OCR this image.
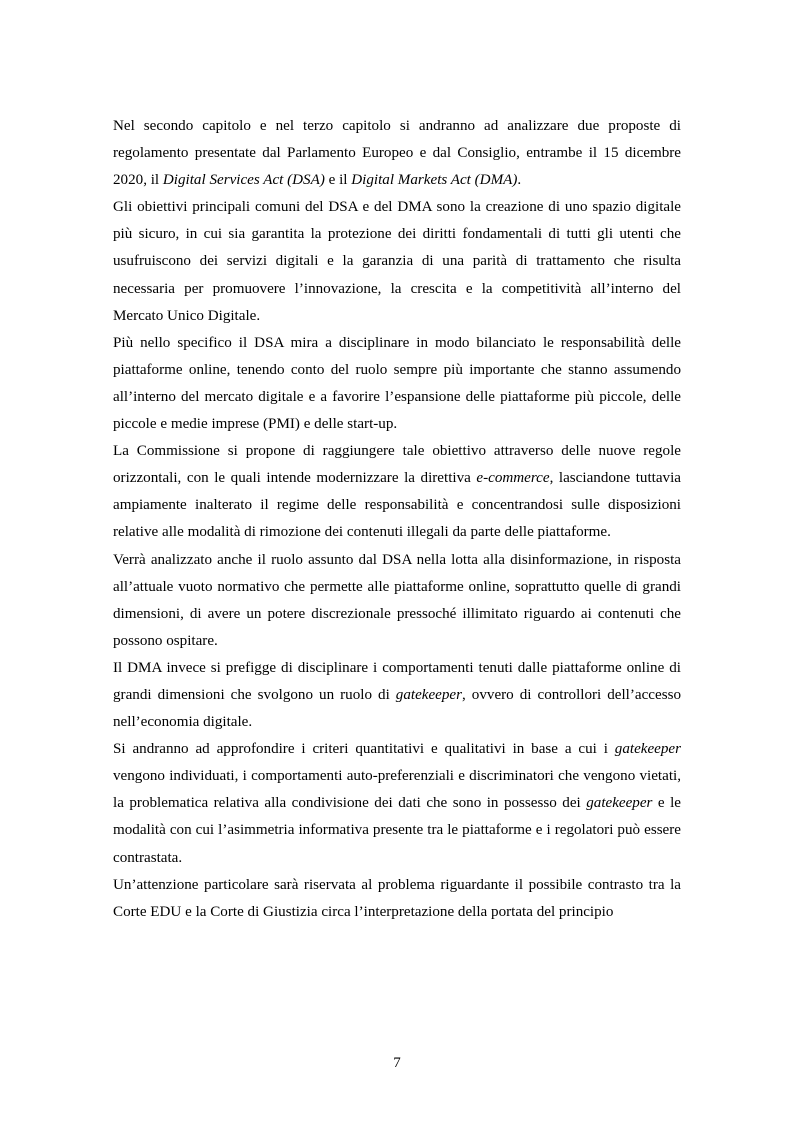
Nel secondo capitolo e nel terzo capitolo si andranno ad analizzare due proposte di regolamento presentate dal Parlamento Europeo e dal Consiglio, entrambe il 15 dicembre 2020, il Digital Services Act (DSA) e il Digital Markets Act (DMA).

Gli obiettivi principali comuni del DSA e del DMA sono la creazione di uno spazio digitale più sicuro, in cui sia garantita la protezione dei diritti fondamentali di tutti gli utenti che usufruiscono dei servizi digitali e la garanzia di una parità di trattamento che risulta necessaria per promuovere l’innovazione, la crescita e la competitività all’interno del Mercato Unico Digitale.

Più nello specifico il DSA mira a disciplinare in modo bilanciato le responsabilità delle piattaforme online, tenendo conto del ruolo sempre più importante che stanno assumendo all’interno del mercato digitale e a favorire l’espansione delle piattaforme più piccole, delle piccole e medie imprese (PMI) e delle start-up.

La Commissione si propone di raggiungere tale obiettivo attraverso delle nuove regole orizzontali, con le quali intende modernizzare la direttiva e-commerce, lasciandone tuttavia ampiamente inalterato il regime delle responsabilità e concentrandosi sulle disposizioni relative alle modalità di rimozione dei contenuti illegali da parte delle piattaforme.

Verrà analizzato anche il ruolo assunto dal DSA nella lotta alla disinformazione, in risposta all’attuale vuoto normativo che permette alle piattaforme online, soprattutto quelle di grandi dimensioni, di avere un potere discrezionale pressoché illimitato riguardo ai contenuti che possono ospitare.

Il DMA invece si prefigge di disciplinare i comportamenti tenuti dalle piattaforme online di grandi dimensioni che svolgono un ruolo di gatekeeper, ovvero di controllori dell’accesso nell’economia digitale.

Si andranno ad approfondire i criteri quantitativi e qualitativi in base a cui i gatekeeper vengono individuati, i comportamenti auto-preferenziali e discriminatori che vengono vietati, la problematica relativa alla condivisione dei dati che sono in possesso dei gatekeeper e le modalità con cui l’asimmetria informativa presente tra le piattaforme e i regolatori può essere contrastata.

Un’attenzione particolare sarà riservata al problema riguardante il possibile contrasto tra la Corte EDU e la Corte di Giustizia circa l’interpretazione della portata del principio

7
